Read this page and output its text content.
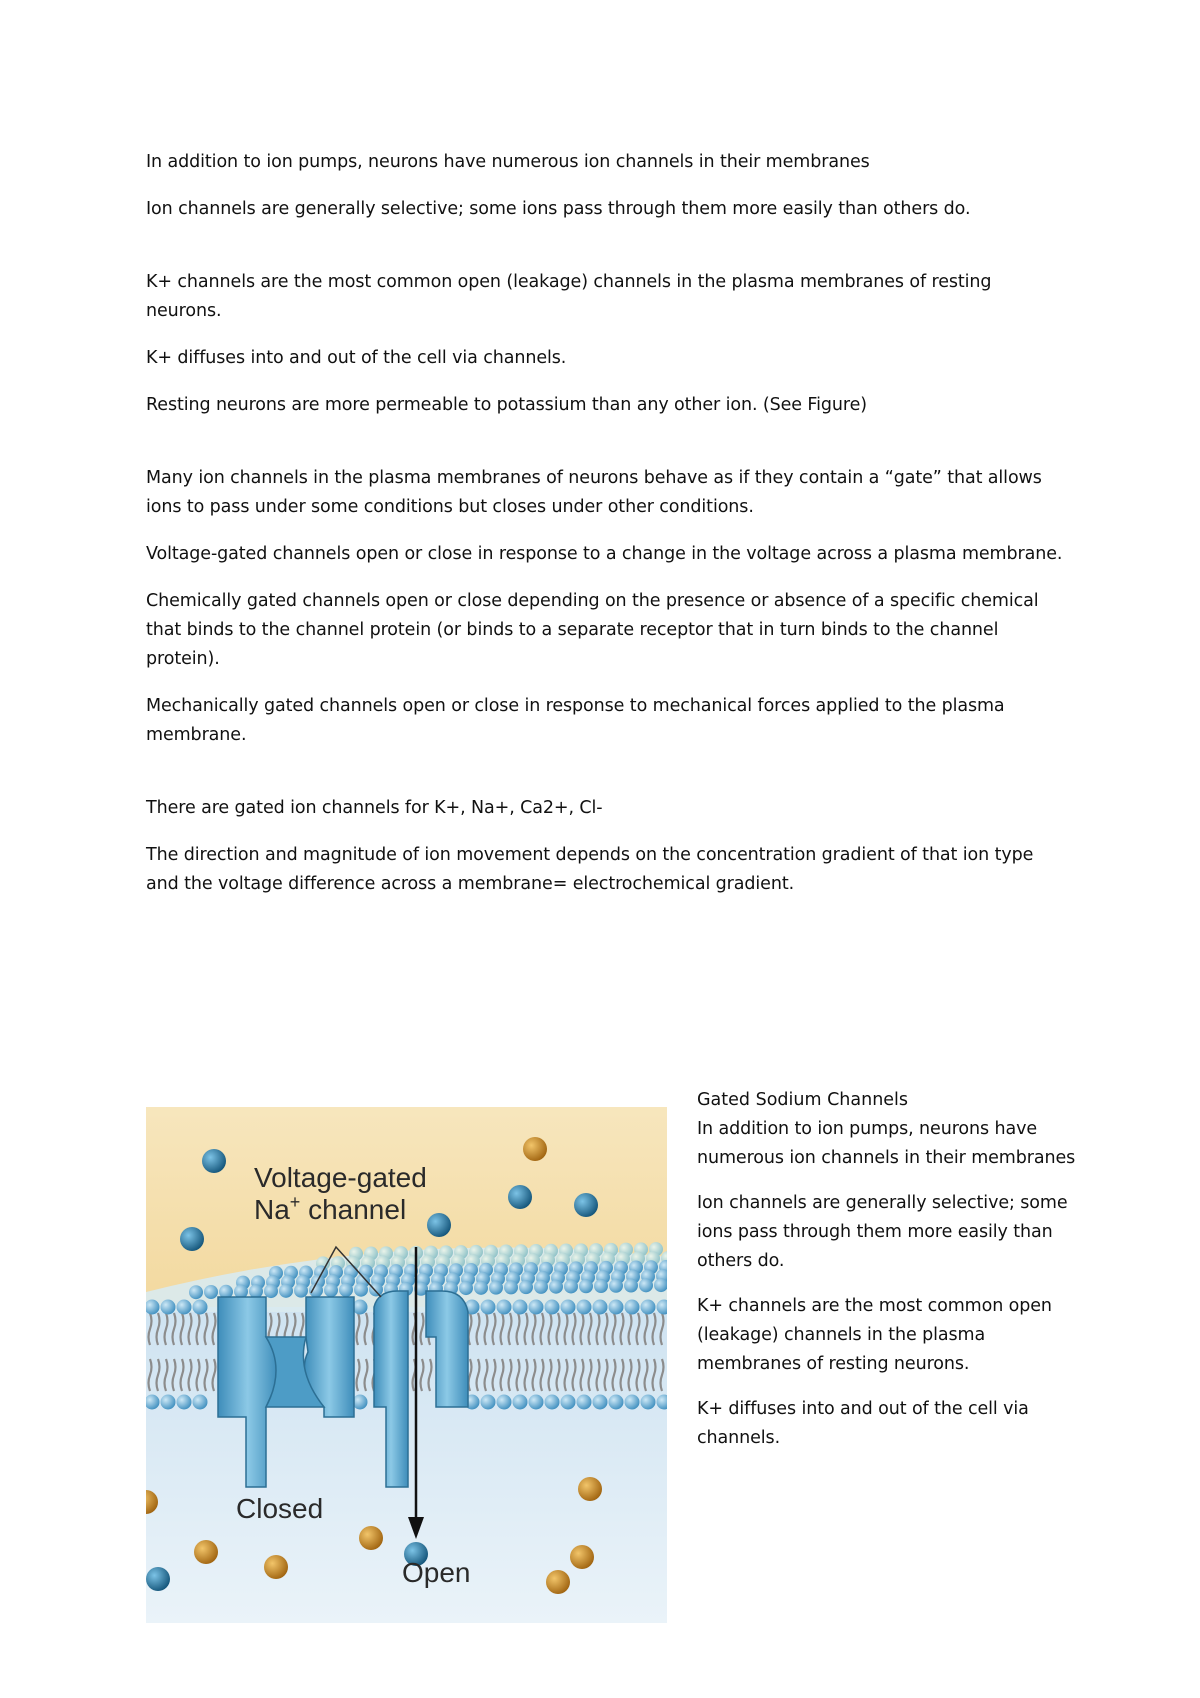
In addition to ion pumps, neurons have numerous ion channels in their membranes

Ion channels are generally selective; some ions pass through them more easily than others do.

K+ channels are the most common open (leakage) channels in the plasma membranes of resting neurons.

K+ diffuses into and out of the cell via channels.

Resting neurons are more permeable to potassium than any other ion. (See Figure)

Many ion channels in the plasma membranes of neurons behave as if they contain a “gate” that allows ions to pass under some conditions but closes under other conditions.

Voltage-gated channels open or close in response to a change in the voltage across a plasma membrane.

Chemically gated channels open or close depending on the presence or absence of a specific chemical that binds to the channel protein (or binds to a separate receptor that in turn binds to the channel protein).

Mechanically gated channels open or close in response to mechanical forces applied to the plasma membrane.

There are gated ion channels for K+, Na+, Ca2+, Cl-

The direction and magnitude of ion movement depends on the concentration gradient of that ion type and the voltage difference across a membrane= electrochemical gradient.

Voltage-gated
Na+ channel
Closed
Open

Gated Sodium Channels

In addition to ion pumps, neurons have numerous ion channels in their membranes

Ion channels are generally selective; some ions pass through them more easily than others do.

K+ channels are the most common open (leakage) channels in the plasma membranes of resting neurons.

K+ diffuses into and out of the cell via channels.
